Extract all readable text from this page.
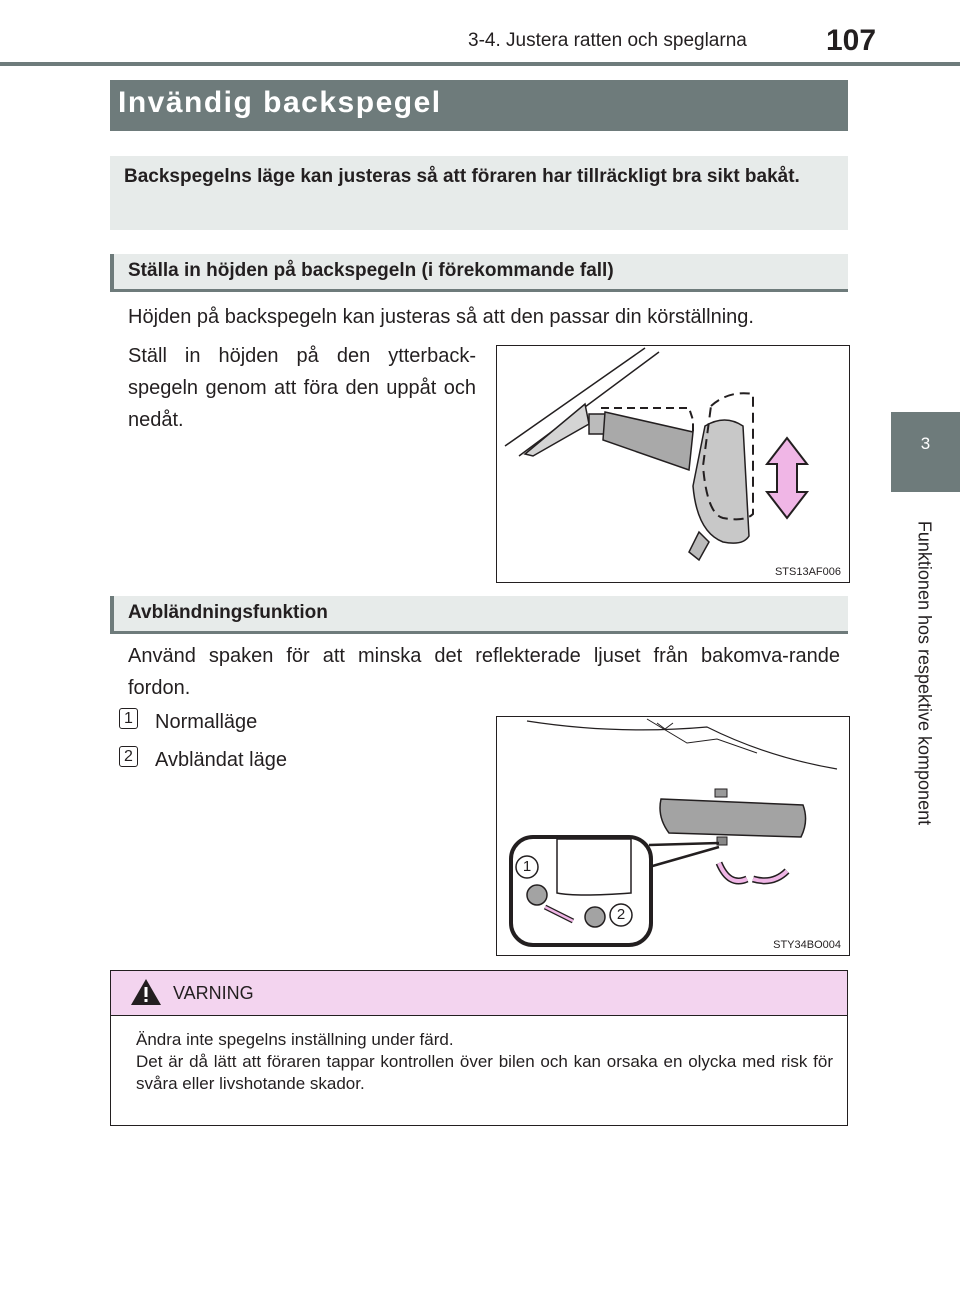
3-4. Justera ratten och speglarna	107
3
Funktionen hos respektive komponent
Invändig backspegel
Backspegelns läge kan justeras så att föraren har tillräckligt bra sikt bakåt.
Ställa in höjden på backspegeln (i förekommande fall)
Höjden på backspegeln kan justeras så att den passar din körställning.
Ställ in höjden på den ytterback-spegeln genom att föra den uppåt och nedåt.
STS13AF006
Avbländningsfunktion
Använd spaken för att minska det reflekterade ljuset från bakomva-rande fordon.
1 Normalläge
2 Avbländat läge
1
2
STY34BO004
VARNING
Ändra inte spegelns inställning under färd.
Det är då lätt att föraren tappar kontrollen över bilen och kan orsaka en olycka med risk för svåra eller livshotande skador.
